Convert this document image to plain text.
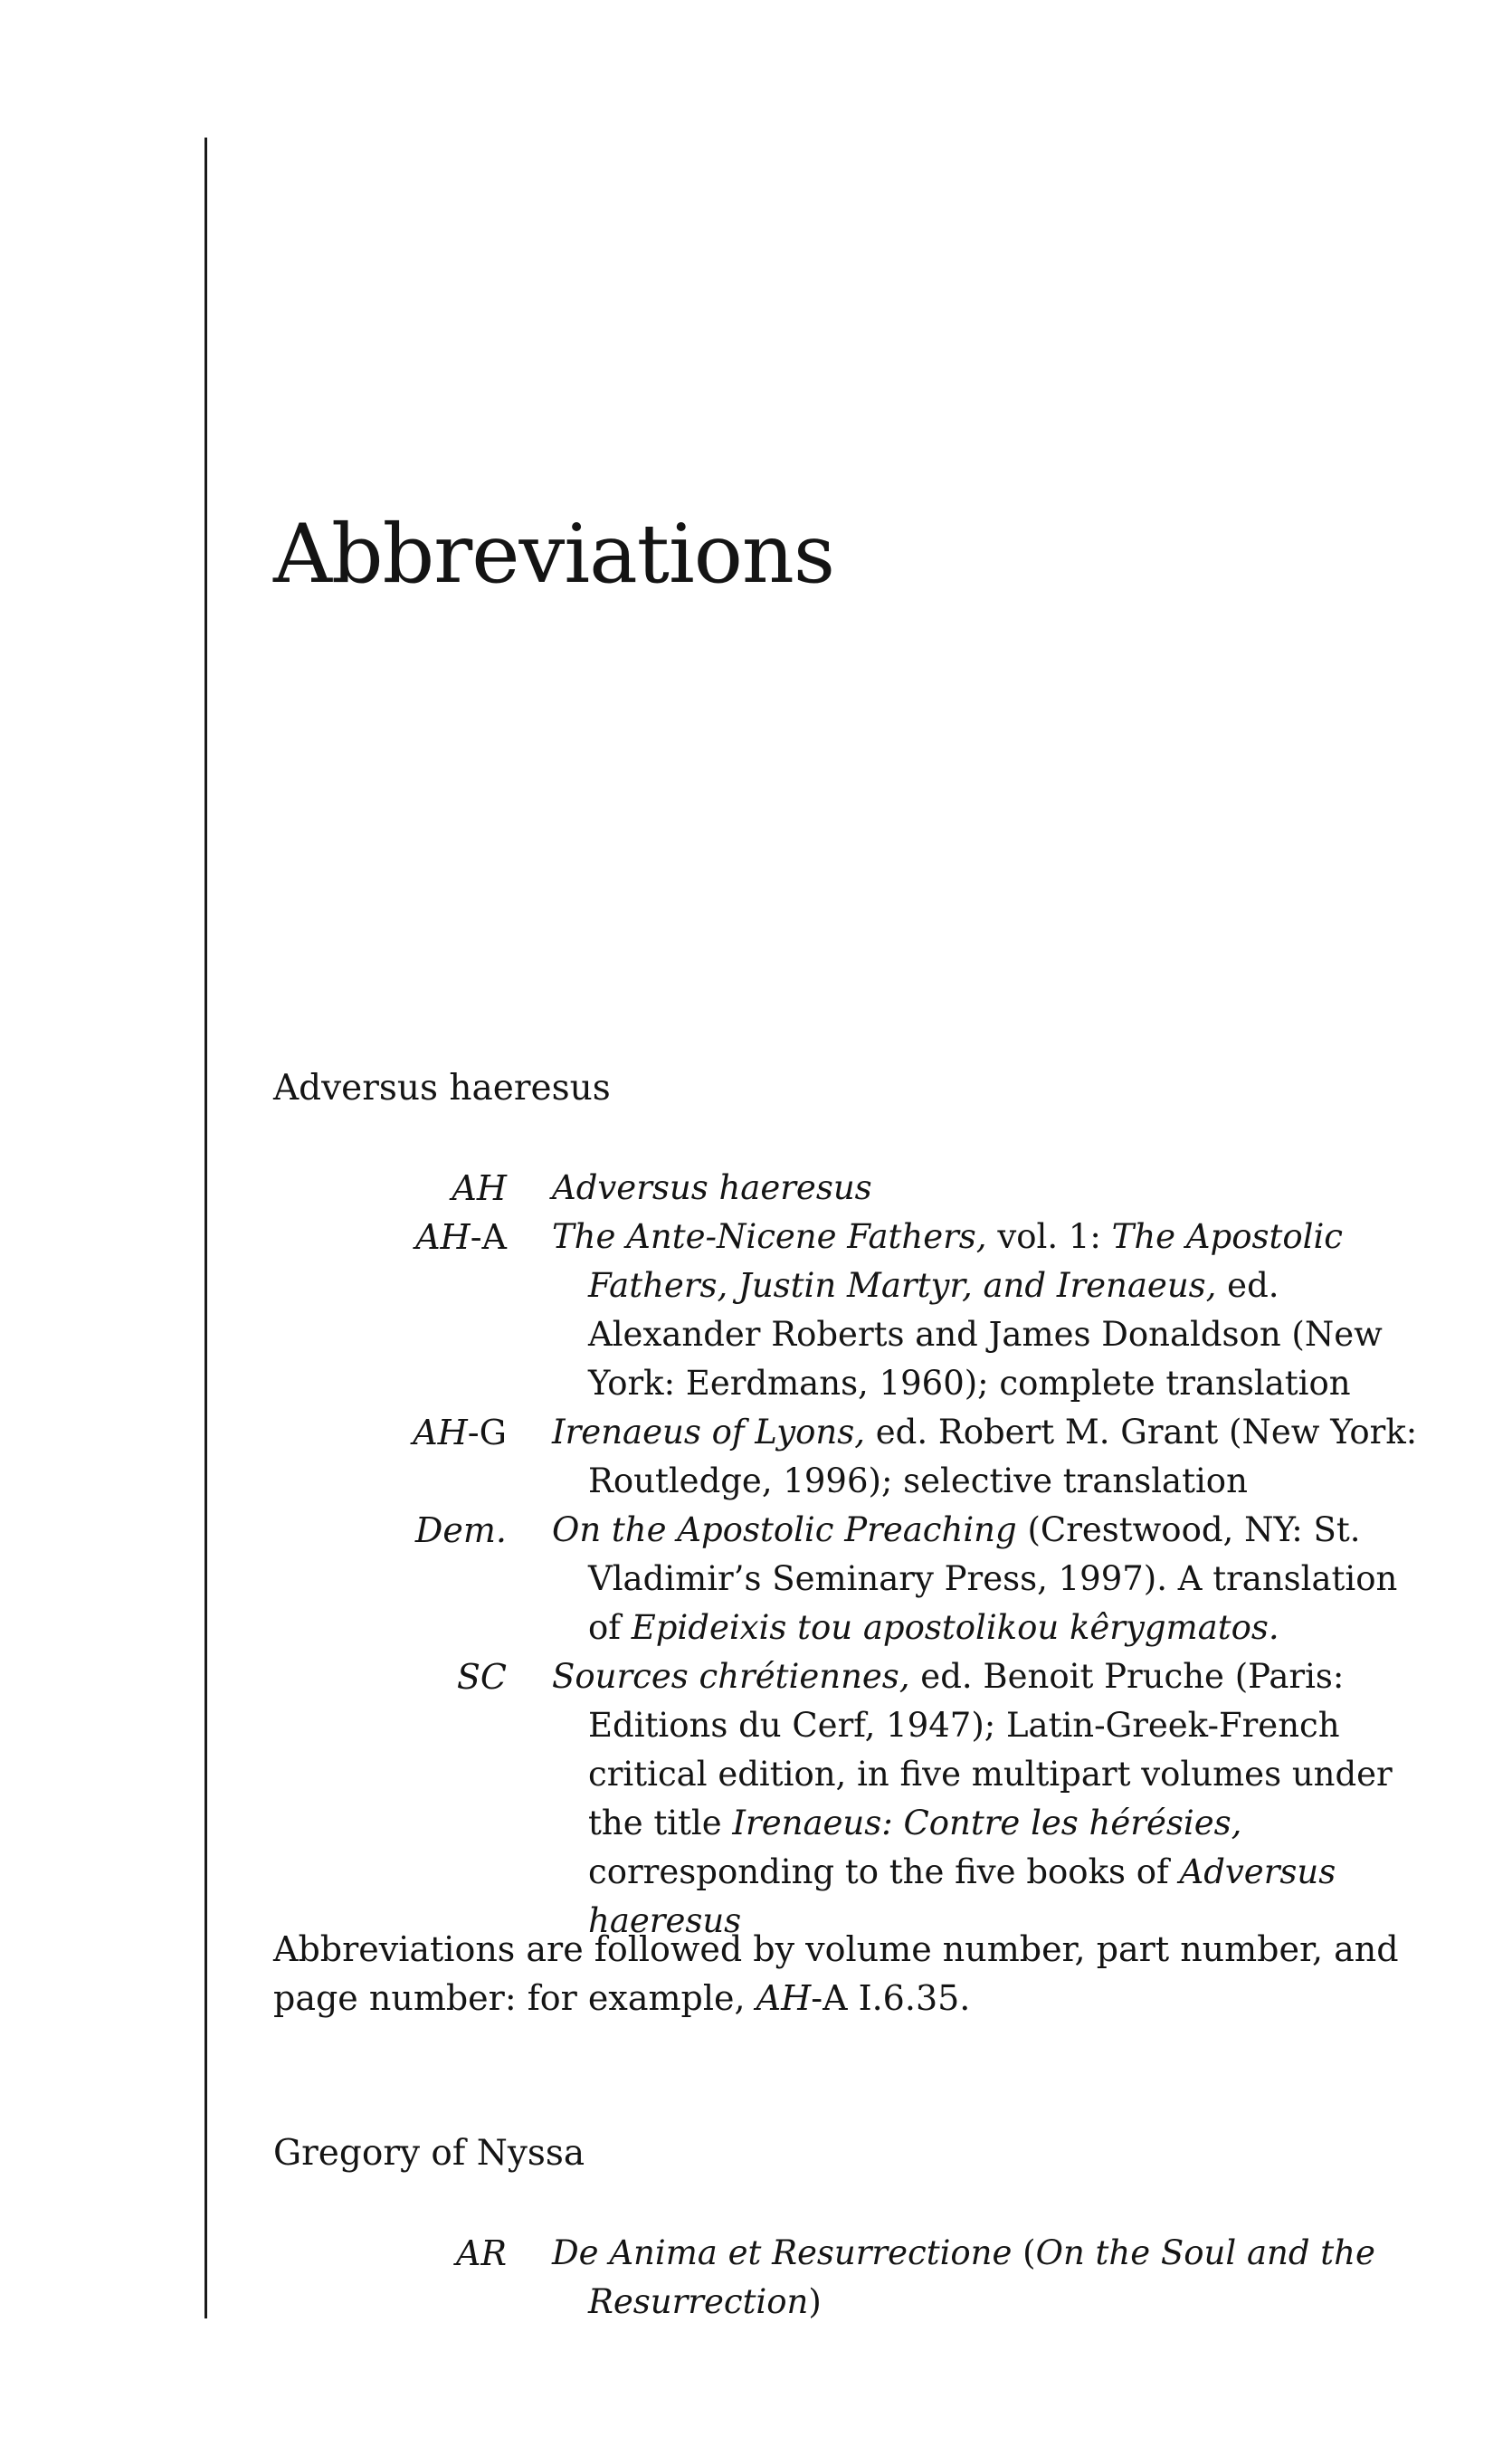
Abbreviations
Adversus haeresus
AH Adversus haeresus
AH-A The Ante-Nicene Fathers, vol. 1: The Apostolic Fathers, Justin Martyr, and Irenaeus, ed. Alexander Roberts and James Donaldson (New York: Eerdmans, 1960); complete translation
AH-G Irenaeus of Lyons, ed. Robert M. Grant (New York: Routledge, 1996); selective translation
Dem. On the Apostolic Preaching (Crestwood, NY: St. Vladimir’s Seminary Press, 1997). A translation of Epideixis tou apostolikou kêrygmatos.
SC Sources chrétiennes, ed. Benoit Pruche (Paris: Editions du Cerf, 1947); Latin-Greek-French critical edition, in five multipart volumes under the title Irenaeus: Contre les hérésies, corresponding to the five books of Adversus haeresus

Abbreviations are followed by volume number, part number, and page number: for example, AH-A I.6.35.

Gregory of Nyssa
AR De Anima et Resurrectione (On the Soul and the Resurrection)
